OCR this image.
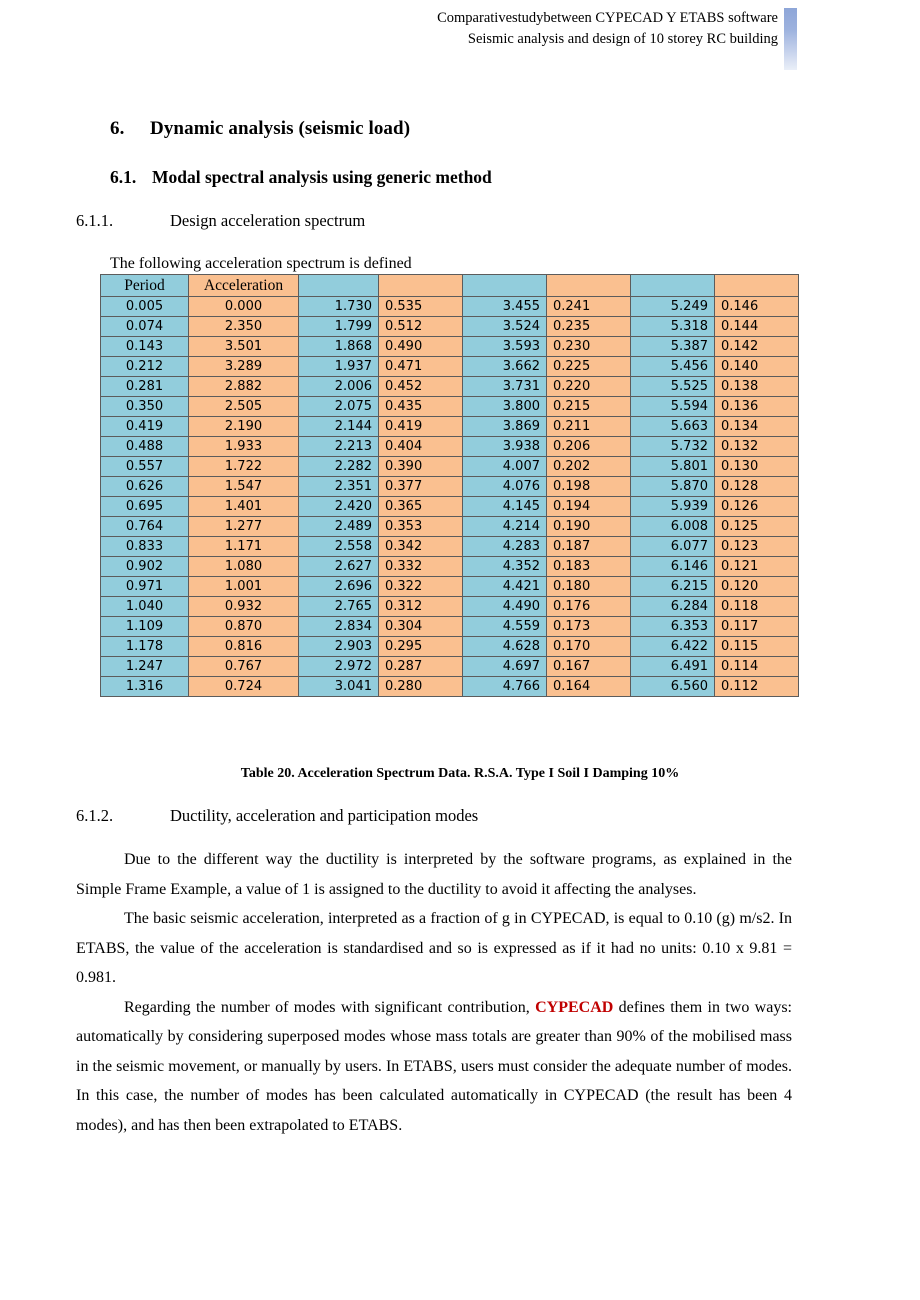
Comparativestudybetween CYPECAD Y ETABS software
Seismic analysis and design of 10 storey RC building
6. Dynamic analysis (seismic load)
6.1. Modal spectral analysis using generic method
6.1.1.	Design acceleration spectrum
The following acceleration spectrum is defined
Period	Acceleration						
0.005	0.000	1.730	0.535	3.455	0.241	5.249	0.146
0.074	2.350	1.799	0.512	3.524	0.235	5.318	0.144
0.143	3.501	1.868	0.490	3.593	0.230	5.387	0.142
0.212	3.289	1.937	0.471	3.662	0.225	5.456	0.140
0.281	2.882	2.006	0.452	3.731	0.220	5.525	0.138
0.350	2.505	2.075	0.435	3.800	0.215	5.594	0.136
0.419	2.190	2.144	0.419	3.869	0.211	5.663	0.134
0.488	1.933	2.213	0.404	3.938	0.206	5.732	0.132
0.557	1.722	2.282	0.390	4.007	0.202	5.801	0.130
0.626	1.547	2.351	0.377	4.076	0.198	5.870	0.128
0.695	1.401	2.420	0.365	4.145	0.194	5.939	0.126
0.764	1.277	2.489	0.353	4.214	0.190	6.008	0.125
0.833	1.171	2.558	0.342	4.283	0.187	6.077	0.123
0.902	1.080	2.627	0.332	4.352	0.183	6.146	0.121
0.971	1.001	2.696	0.322	4.421	0.180	6.215	0.120
1.040	0.932	2.765	0.312	4.490	0.176	6.284	0.118
1.109	0.870	2.834	0.304	4.559	0.173	6.353	0.117
1.178	0.816	2.903	0.295	4.628	0.170	6.422	0.115
1.247	0.767	2.972	0.287	4.697	0.167	6.491	0.114
1.316	0.724	3.041	0.280	4.766	0.164	6.560	0.112
Table 20. Acceleration Spectrum Data. R.S.A. Type I Soil I Damping 10%
6.1.2.	Ductility, acceleration and participation modes

Due to the different way the ductility is interpreted by the software programs, as explained in the Simple Frame Example, a value of 1 is assigned to the ductility to avoid it affecting the analyses.

The basic seismic acceleration, interpreted as a fraction of g in CYPECAD, is equal to 0.10 (g) m/s2. In ETABS, the value of the acceleration is standardised and so is expressed as if it had no units: 0.10 x 9.81 = 0.981.

Regarding the number of modes with significant contribution, CYPECAD defines them in two ways: automatically by considering superposed modes whose mass totals are greater than 90% of the mobilised mass in the seismic movement, or manually by users. In ETABS, users must consider the adequate number of modes. In this case, the number of modes has been calculated automatically in CYPECAD (the result has been 4 modes), and has then been extrapolated to ETABS.
